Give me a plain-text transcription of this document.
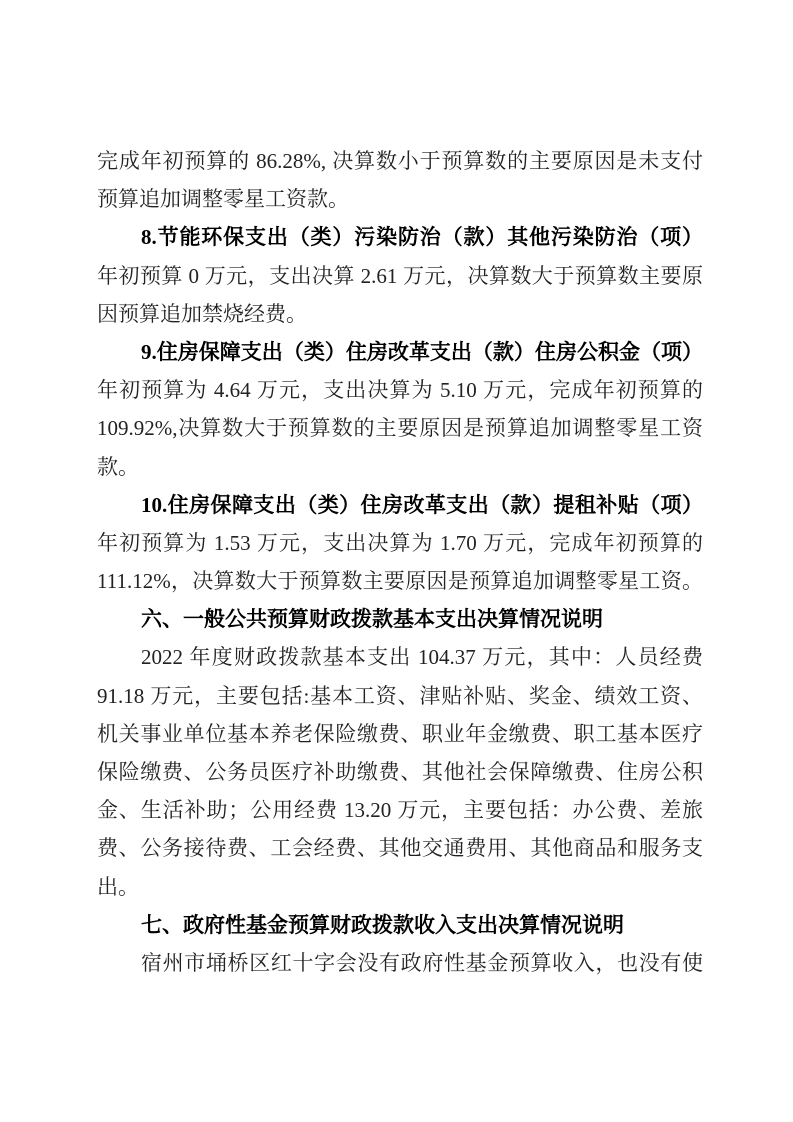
完成年初预算的 86.28%, 决算数小于预算数的主要原因是未支付
预算追加调整零星工资款。
8.节能环保支出（类）污染防治（款）其他污染防治（项）
年初预算 0 万元，支出决算 2.61 万元，决算数大于预算数主要原
因预算追加禁烧经费。
9.住房保障支出（类）住房改革支出（款）住房公积金（项）
年初预算为 4.64 万元，支出决算为 5.10 万元，完成年初预算的
109.92%,决算数大于预算数的主要原因是预算追加调整零星工资
款。
10.住房保障支出（类）住房改革支出（款）提租补贴（项）
年初预算为 1.53 万元，支出决算为 1.70 万元，完成年初预算的
111.12%，决算数大于预算数主要原因是预算追加调整零星工资。
六、一般公共预算财政拨款基本支出决算情况说明
2022 年度财政拨款基本支出 104.37 万元，其中：人员经费
91.18 万元，主要包括:基本工资、津贴补贴、奖金、绩效工资、
机关事业单位基本养老保险缴费、职业年金缴费、职工基本医疗
保险缴费、公务员医疗补助缴费、其他社会保障缴费、住房公积
金、生活补助；公用经费 13.20 万元，主要包括：办公费、差旅
费、公务接待费、工会经费、其他交通费用、其他商品和服务支
出。
七、政府性基金预算财政拨款收入支出决算情况说明
宿州市埇桥区红十字会没有政府性基金预算收入，也没有使
